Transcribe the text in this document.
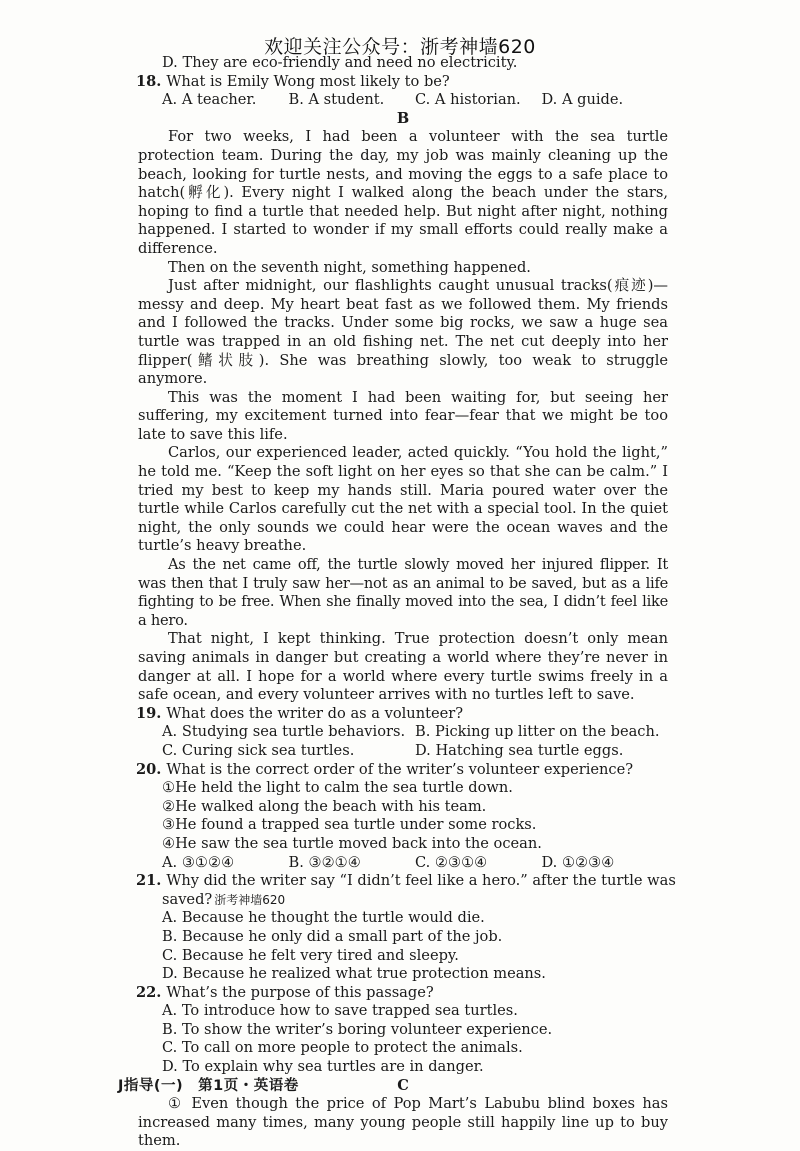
欢迎关注公众号：浙考神墙620
D. They are eco-friendly and need no electricity.
18. What is Emily Wong most likely to be?
A. A teacher.	B. A student.	C. A historian.	D. A guide.
B

For two weeks, I had been a volunteer with the sea turtle protection team. During the day, my job was mainly cleaning up the beach, looking for turtle nests, and moving the eggs to a safe place to hatch(孵化). Every night I walked along the beach under the stars, hoping to find a turtle that needed help. But night after night, nothing happened. I started to wonder if my small efforts could really make a difference.

Then on the seventh night, something happened.

Just after midnight, our flashlights caught unusual tracks(痕迹)— messy and deep. My heart beat fast as we followed them. My friends and I followed the tracks. Under some big rocks, we saw a huge sea turtle was trapped in an old fishing net. The net cut deeply into her flipper(鳍状肢). She was breathing slowly, too weak to struggle anymore.

This was the moment I had been waiting for, but seeing her suffering, my excitement turned into fear—fear that we might be too late to save this life.

Carlos, our experienced leader, acted quickly. “You hold the light,” he told me. “Keep the soft light on her eyes so that she can be calm.” I tried my best to keep my hands still. Maria poured water over the turtle while Carlos carefully cut the net with a special tool. In the quiet night, the only sounds we could hear were the ocean waves and the turtle’s heavy breathe.

As the net came off, the turtle slowly moved her injured flipper. It was then that I truly saw her—not as an animal to be saved, but as a life fighting to be free. When she finally moved into the sea, I didn’t feel like a hero.

That night, I kept thinking. True protection doesn’t only mean saving animals in danger but creating a world where they’re never in danger at all. I hope for a world where every turtle swims freely in a safe ocean, and every volunteer arrives with no turtles left to save.

19. What does the writer do as a volunteer?
A. Studying sea turtle behaviors. B. Picking up litter on the beach.
C. Curing sick sea turtles.	D. Hatching sea turtle eggs.
20. What is the correct order of the writer’s volunteer experience?
①He held the light to calm the sea turtle down.
②He walked along the beach with his team.
③He found a trapped sea turtle under some rocks.
④He saw the sea turtle moved back into the ocean.
A. ③①②④	B. ③②①④	C. ②③①④	D. ①②③④
21. Why did the writer say “I didn’t feel like a hero.” after the turtle was
saved? 浙考神墙620
A. Because he thought the turtle would die.
B. Because he only did a small part of the job.
C. Because he felt very tired and sleepy.
D. Because he realized what true protection means.
22. What’s the purpose of this passage?
A. To introduce how to save trapped sea turtles.
B. To show the writer’s boring volunteer experience.
C. To call on more people to protect the animals.
D. To explain why sea turtles are in danger.
C

① Even though the price of Pop Mart’s Labubu blind boxes has increased many times, many young people still happily line up to buy them.

J指导(一)　第1页・英语卷
